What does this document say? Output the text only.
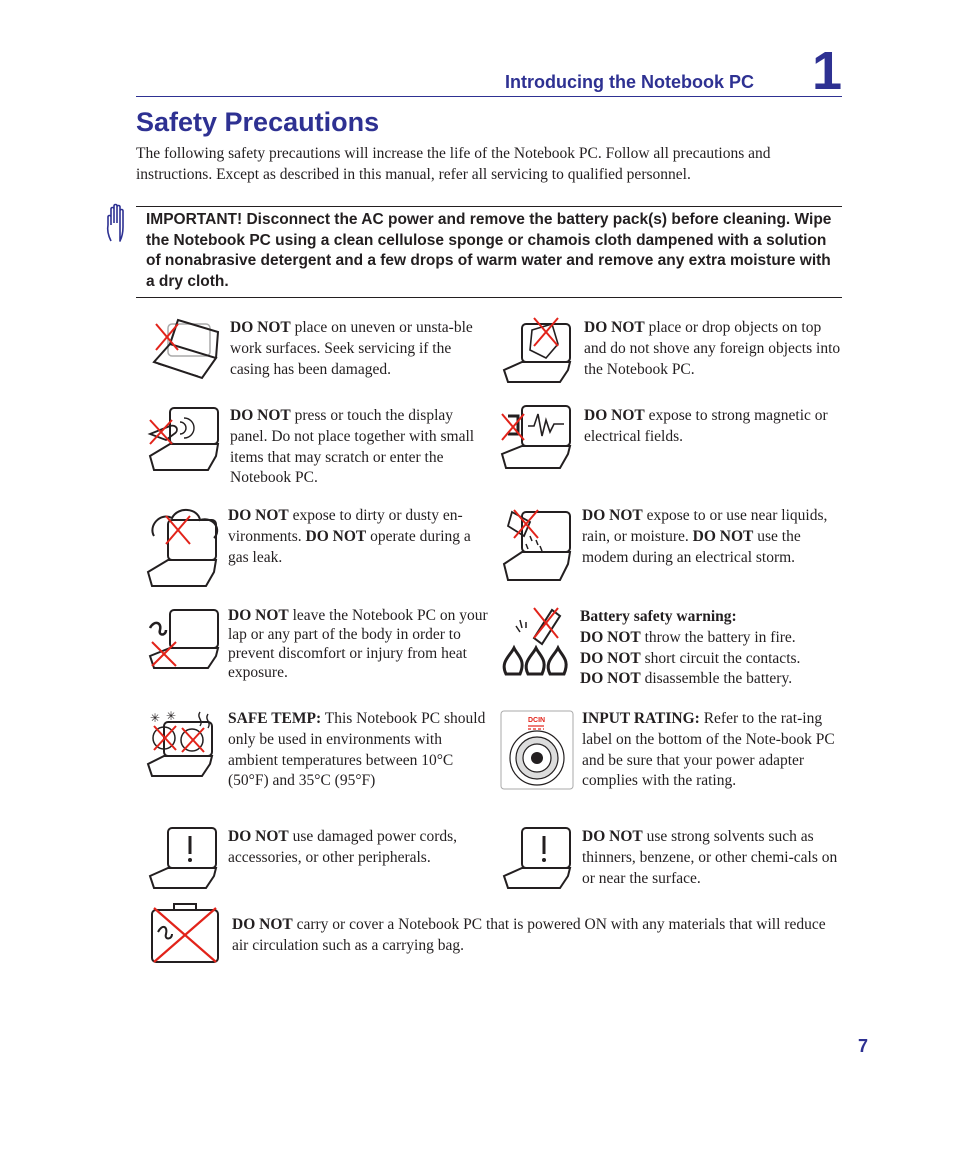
Introducing the Notebook PC 1
Safety Precautions
The following safety precautions will increase the life of the Notebook PC. Follow all precautions and instructions. Except as described in this manual, refer all servicing to qualified personnel.
IMPORTANT! Disconnect the AC power and remove the battery pack(s) before cleaning. Wipe the Notebook PC using a clean cellulose sponge or chamois cloth dampened with a solution of nonabrasive detergent and a few drops of warm water and remove any extra moisture with a dry cloth.
DO NOT place on uneven or unsta-ble work surfaces. Seek servicing if the casing has been damaged.
DO NOT press or touch the display panel. Do not place together with small items that may scratch or enter the Notebook PC.
DO NOT expose to dirty or dusty en-vironments. DO NOT operate during a gas leak.
DO NOT leave the Notebook PC on your lap or any part of the body in order to prevent discomfort or injury from heat exposure.
✳ ✳	SAFE TEMP: This Notebook PC should only be used in environments with ambient temperatures between 10°C (50°F) and 35°C (95°F)
DO NOT use damaged power cords, accessories, or other peripherals.
DO NOT carry or cover a Notebook PC that is powered ON with any materials that will reduce air circulation such as a carrying bag.
DO NOT place or drop objects on top and do not shove any foreign objects into the Notebook PC.
DO NOT expose to strong magnetic or electrical fields.
DO NOT expose to or use near liquids, rain, or moisture. DO NOT use the modem during an electrical storm.
Battery safety warning:
DO NOT throw the battery in fire.
DO NOT short circuit the contacts.
DO NOT disassemble the battery.
DCIN INPUT RATING: Refer to the rat-ing label on the bottom of the Note-book PC and be sure that your power adapter complies with the rating.
DO NOT use strong solvents such as thinners, benzene, or other chemi-cals on or near the surface.
7
